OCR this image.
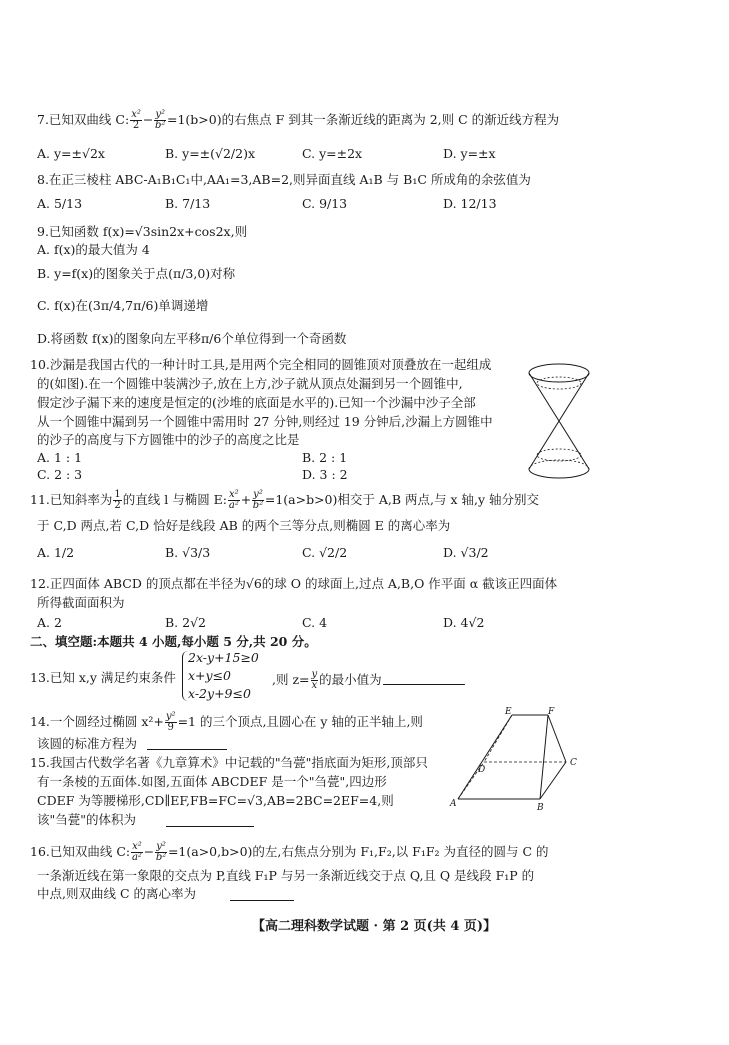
7.已知双曲线 C: $\frac{\text{x²}}{2} - \frac{\text{y²}}{\text{b²}} =1(b>0)$的右焦点 F 到其一条渐近线的距离为 2,则 C 的渐近线方程为
A. y=±√2x	B. y=±(√2/2)x	C. y=±2x	D. y=±x
8.在正三棱柱 ABC-A₁B₁C₁中,AA₁=3,AB=2,则异面直线 A₁B 与 B₁C 所成角的余弦值为
A. 5/13	B. 7/13	C. 9/13	D. 12/13
9.已知函数 f(x)=√3sin2x+cos2x,则
A. f(x)的最大值为 4
B. y=f(x)的图象关于点(π/3,0)对称
C. f(x)在(3π/4,7π/6)单调递增
D.将函数 f(x)的图象向左平移π/6个单位得到一个奇函数
10.沙漏是我国古代的一种计时工具,是用两个完全相同的圆锥顶对顶叠放在一起组成
的(如图).在一个圆锥中装满沙子,放在上方,沙子就从顶点处漏到另一个圆锥中,
假定沙子漏下来的速度是恒定的(沙堆的底面是水平的).已知一个沙漏中沙子全部
从一个圆锥中漏到另一个圆锥中需用时 27 分钟,则经过 19 分钟后,沙漏上方圆锥中
的沙子的高度与下方圆锥中的沙子的高度之比是
A. 1 : 1	B. 2 : 1
C. 2 : 3	D. 3 : 2
11.已知斜率为 $\frac{1}{2}$ 的直线 l 与椭圆 E: $\frac{\text{x²}}{\text{a²}} + \frac{\text{y²}}{\text{b²}} =1(a>b>0)$相交于 A,B 两点,与 x 轴,y 轴分别交
于 C,D 两点,若 C,D 恰好是线段 AB 的两个三等分点,则椭圆 E 的离心率为
A. 1/2	B. √3/3	C. √2/2	D. √3/2
12.正四面体 ABCD 的顶点都在半径为√6的球 O 的球面上,过点 A,B,O 作平面 α 截该正四面体
所得截面面积为
A. 2	B. 2√2	C. 4	D. 4√2
二、填空题:本题共 4 小题,每小题 5 分,共 20 分。
13.已知 x,y 满足约束条件
2x-y+15≥0
x+y≤0
x-2y+9≤0
,则 $z= \frac{y}{x}$ 的最小值为
14.一个圆经过椭圆 $x^2+ \frac{\text{y²}}{9} =1$ 的三个顶点,且圆心在 y 轴的正半轴上,则
该圆的标准方程为
15.我国古代数学名著《九章算术》中记载的"刍甍"指底面为矩形,顶部只
有一条棱的五面体.如图,五面体 ABCDEF 是一个"刍甍",四边形
CDEF 为等腰梯形,CD∥EF,FB=FC=√3,AB=2BC=2EF=4,则
该"刍甍"的体积为
E	F
C
D
B
A
16.已知双曲线 C: $\frac{\text{x²}}{\text{a²}} - \frac{\text{y²}}{\text{b²}} =1(a>0,b>0)$的左,右焦点分别为 F₁,F₂,以 F₁F₂ 为直径的圆与 C 的
一条渐近线在第一象限的交点为 P,直线 F₁P 与另一条渐近线交于点 Q,且 Q 是线段 F₁P 的
中点,则双曲线 C 的离心率为
【高二理科数学试题 · 第 2 页(共 4 页)】
